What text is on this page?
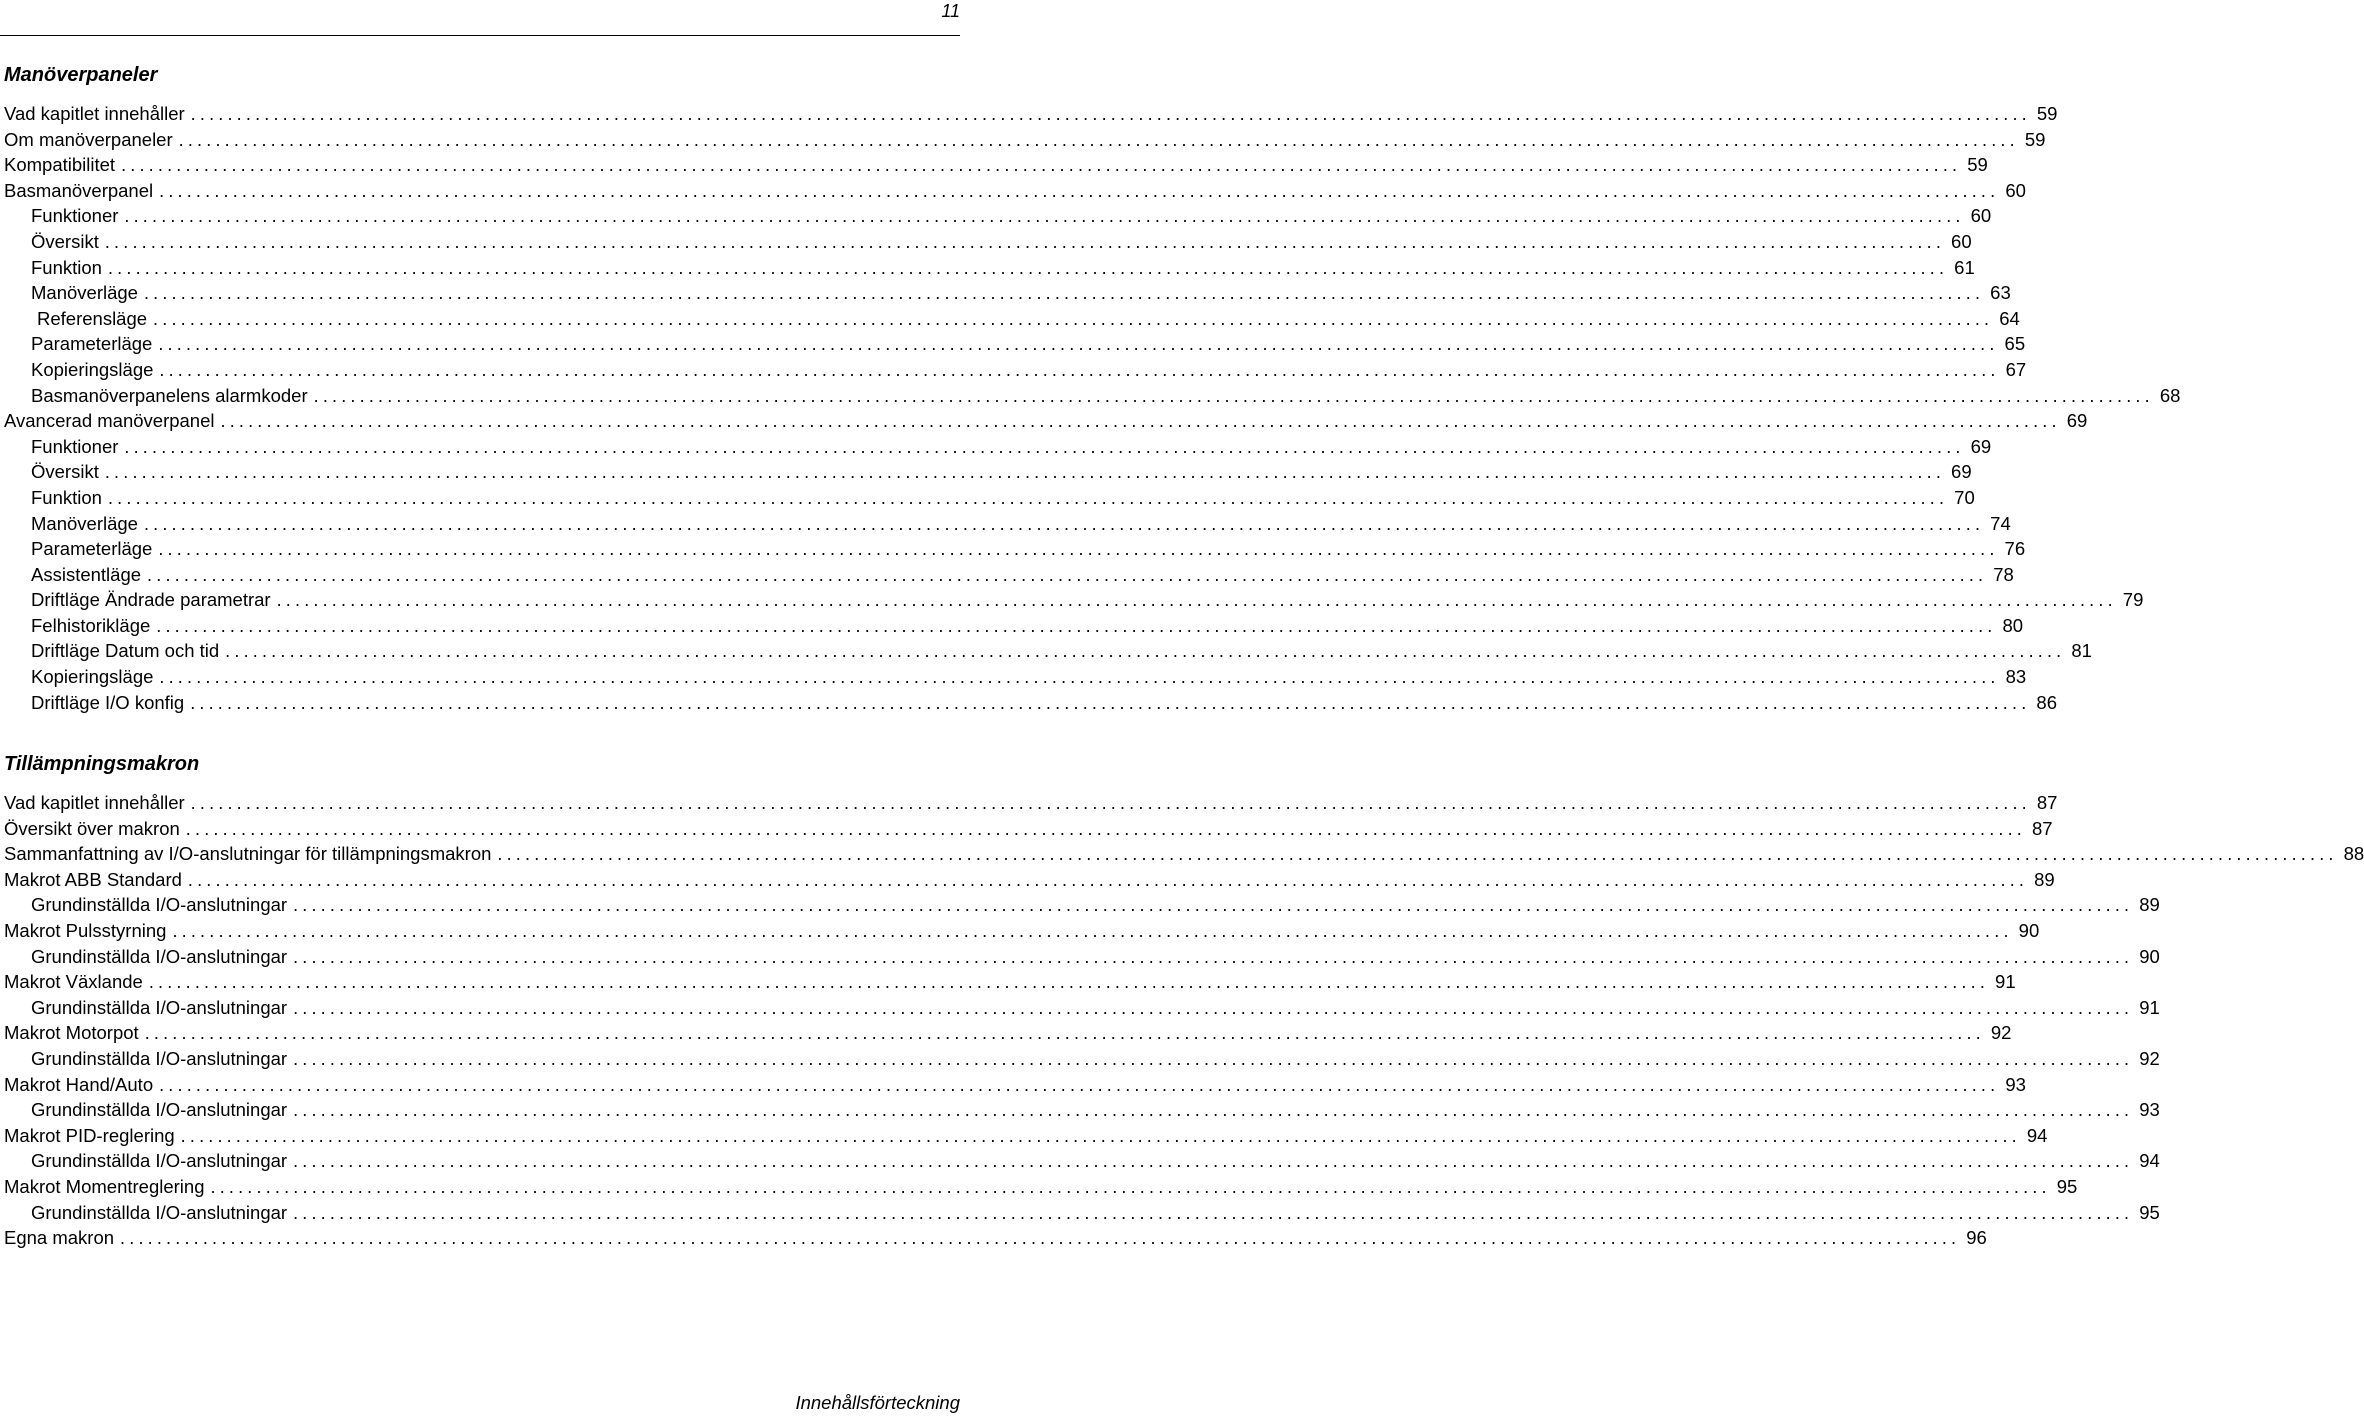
11
Manöverpaneler
Vad kapitlet innehåller ........................................................................................................................................................................................................ 59
Om manöverpaneler ........................................................................................................................................................................................................ 59
Kompatibilitet ........................................................................................................................................................................................................ 59
Basmanöverpanel ........................................................................................................................................................................................................ 60
Funktioner ........................................................................................................................................................................................................ 60
Översikt ........................................................................................................................................................................................................ 60
Funktion ........................................................................................................................................................................................................ 61
Manöverläge ........................................................................................................................................................................................................ 63
Referensläge ........................................................................................................................................................................................................ 64
Parameterläge ........................................................................................................................................................................................................ 65
Kopieringsläge ........................................................................................................................................................................................................ 67
Basmanöverpanelens alarmkoder ........................................................................................................................................................................................................ 68
Avancerad manöverpanel ........................................................................................................................................................................................................ 69
Funktioner ........................................................................................................................................................................................................ 69
Översikt ........................................................................................................................................................................................................ 69
Funktion ........................................................................................................................................................................................................ 70
Manöverläge ........................................................................................................................................................................................................ 74
Parameterläge ........................................................................................................................................................................................................ 76
Assistentläge ........................................................................................................................................................................................................ 78
Driftläge Ändrade parametrar ........................................................................................................................................................................................................ 79
Felhistorikläge ........................................................................................................................................................................................................ 80
Driftläge Datum och tid ........................................................................................................................................................................................................ 81
Kopieringsläge ........................................................................................................................................................................................................ 83
Driftläge I/O konfig ........................................................................................................................................................................................................ 86
Tillämpningsmakron
Vad kapitlet innehåller ........................................................................................................................................................................................................ 87
Översikt över makron ........................................................................................................................................................................................................ 87
Sammanfattning av I/O-anslutningar för tillämpningsmakron ........................................................................................................................................................................................................ 88
Makrot ABB Standard ........................................................................................................................................................................................................ 89
Grundinställda I/O-anslutningar ........................................................................................................................................................................................................ 89
Makrot Pulsstyrning ........................................................................................................................................................................................................ 90
Grundinställda I/O-anslutningar ........................................................................................................................................................................................................ 90
Makrot Växlande ........................................................................................................................................................................................................ 91
Grundinställda I/O-anslutningar ........................................................................................................................................................................................................ 91
Makrot Motorpot ........................................................................................................................................................................................................ 92
Grundinställda I/O-anslutningar ........................................................................................................................................................................................................ 92
Makrot Hand/Auto ........................................................................................................................................................................................................ 93
Grundinställda I/O-anslutningar ........................................................................................................................................................................................................ 93
Makrot PID-reglering ........................................................................................................................................................................................................ 94
Grundinställda I/O-anslutningar ........................................................................................................................................................................................................ 94
Makrot Momentreglering ........................................................................................................................................................................................................ 95
Grundinställda I/O-anslutningar ........................................................................................................................................................................................................ 95
Egna makron ........................................................................................................................................................................................................ 96
Innehållsförteckning
